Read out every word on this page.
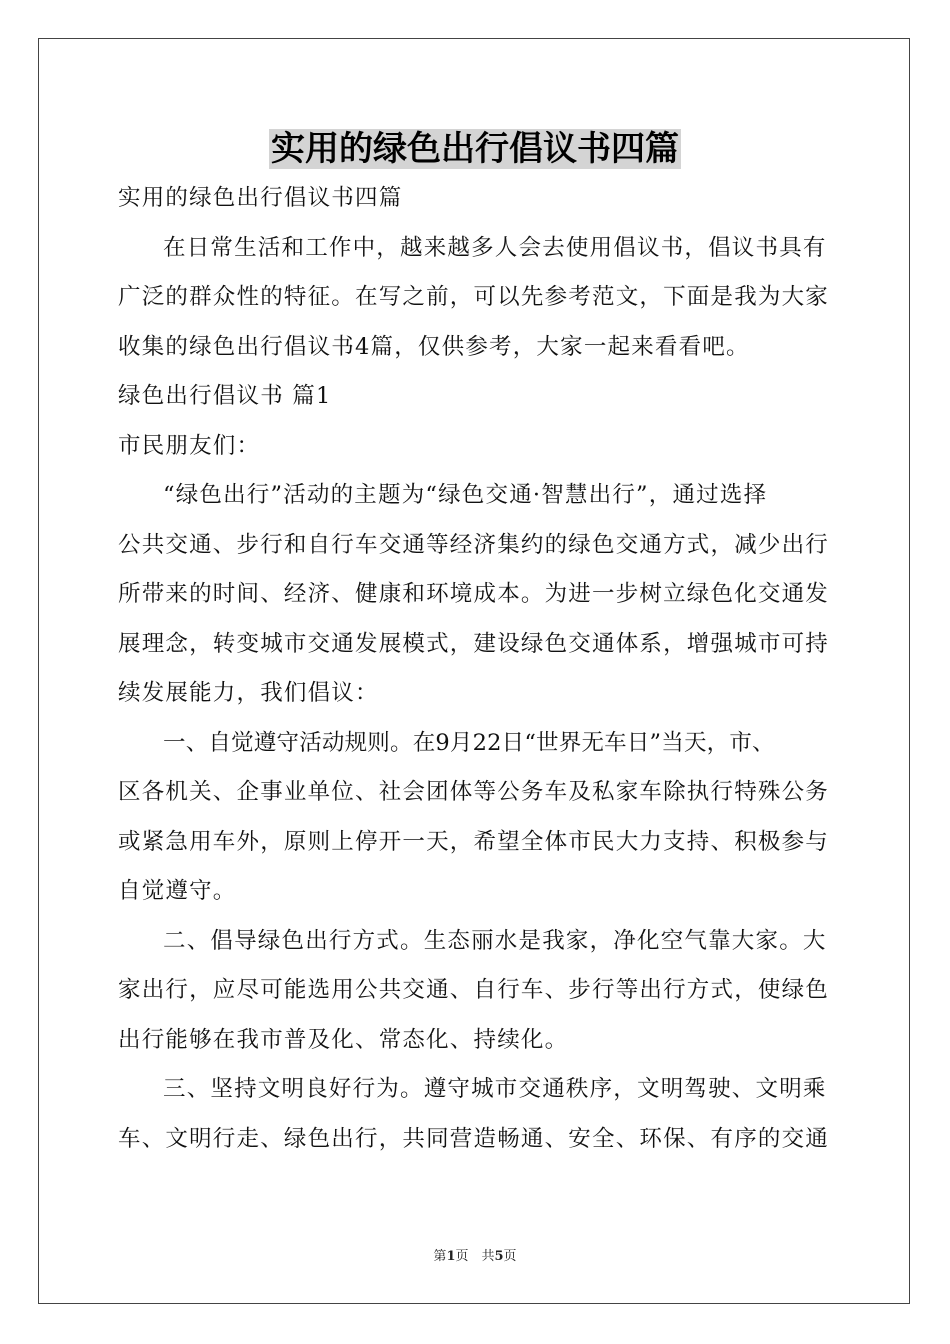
实用的绿色出行倡议书四篇
实用的绿色出行倡议书四篇
在日常生活和工作中，越来越多人会去使用倡议书，倡议书具有
广泛的群众性的特征。在写之前，可以先参考范文，下面是我为大家
收集的绿色出行倡议书4篇，仅供参考，大家一起来看看吧。
绿色出行倡议书 篇1
市民朋友们：
“绿色出行”活动的主题为“绿色交通·智慧出行”，通过选择
公共交通、步行和自行车交通等经济集约的绿色交通方式，减少出行
所带来的时间、经济、健康和环境成本。为进一步树立绿色化交通发
展理念，转变城市交通发展模式，建设绿色交通体系，增强城市可持
续发展能力，我们倡议：
一、自觉遵守活动规则。在9月22日“世界无车日”当天，市、
区各机关、企事业单位、社会团体等公务车及私家车除执行特殊公务
或紧急用车外，原则上停开一天，希望全体市民大力支持、积极参与
自觉遵守。
二、倡导绿色出行方式。生态丽水是我家，净化空气靠大家。大
家出行，应尽可能选用公共交通、自行车、步行等出行方式，使绿色
出行能够在我市普及化、常态化、持续化。
三、坚持文明良好行为。遵守城市交通秩序，文明驾驶、文明乘
车、文明行走、绿色出行，共同营造畅通、安全、环保、有序的交通
第1页　共5页
